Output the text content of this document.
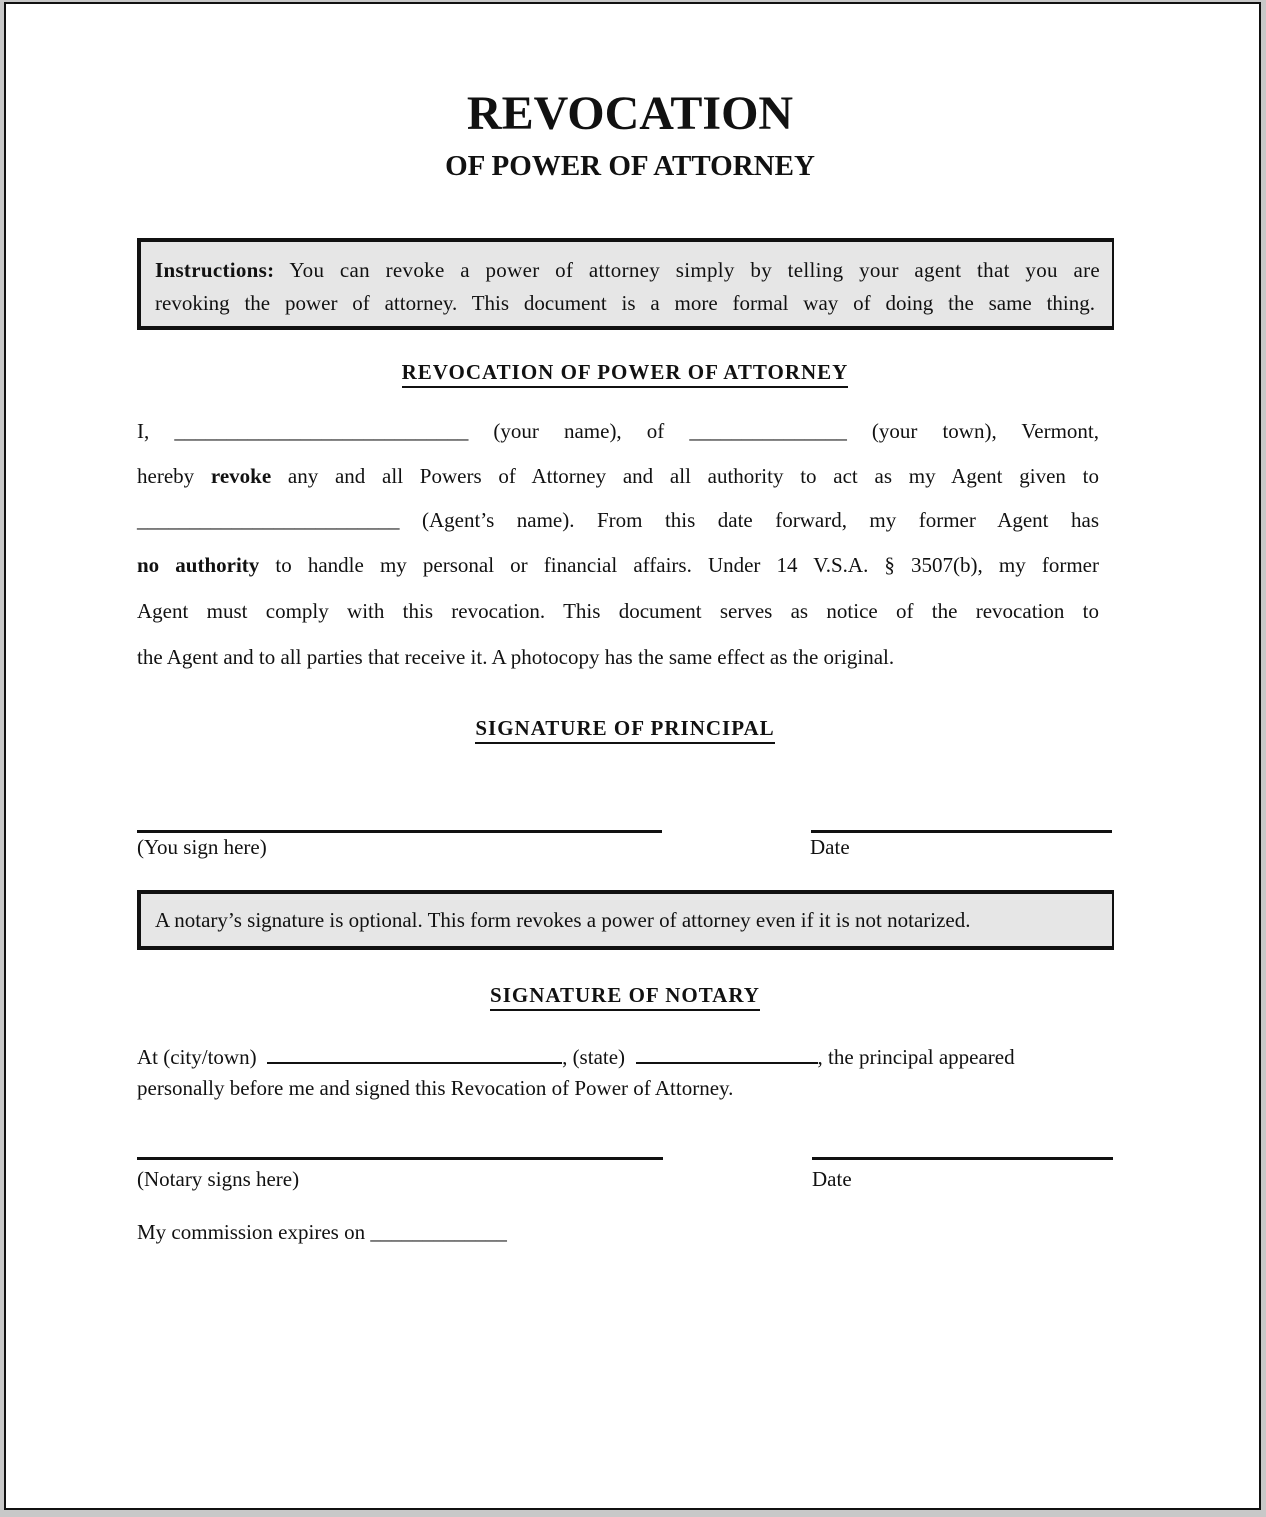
REVOCATION
OF POWER OF ATTORNEY
Instructions: You can revoke a power of attorney simply by telling your agent that you are
revoking the power of attorney. This document is a more formal way of doing the same thing.
REVOCATION OF POWER OF ATTORNEY
I, ____________________________ (your name), of _______________ (your town), Vermont,
hereby revoke any and all Powers of Attorney and all authority to act as my Agent given to
_________________________ (Agent’s name). From this date forward, my former Agent has
no authority to handle my personal or financial affairs. Under 14 V.S.A. § 3507(b), my former
Agent must comply with this revocation. This document serves as notice of the revocation to
the Agent and to all parties that receive it. A photocopy has the same effect as the original.
SIGNATURE OF PRINCIPAL
(You sign here)	Date
A notary’s signature is optional. This form revokes a power of attorney even if it is not notarized.
SIGNATURE OF NOTARY
At (city/town)	, (state)	, the principal appeared
personally before me and signed this Revocation of Power of Attorney.
(Notary signs here)	Date
My commission expires on _____________
